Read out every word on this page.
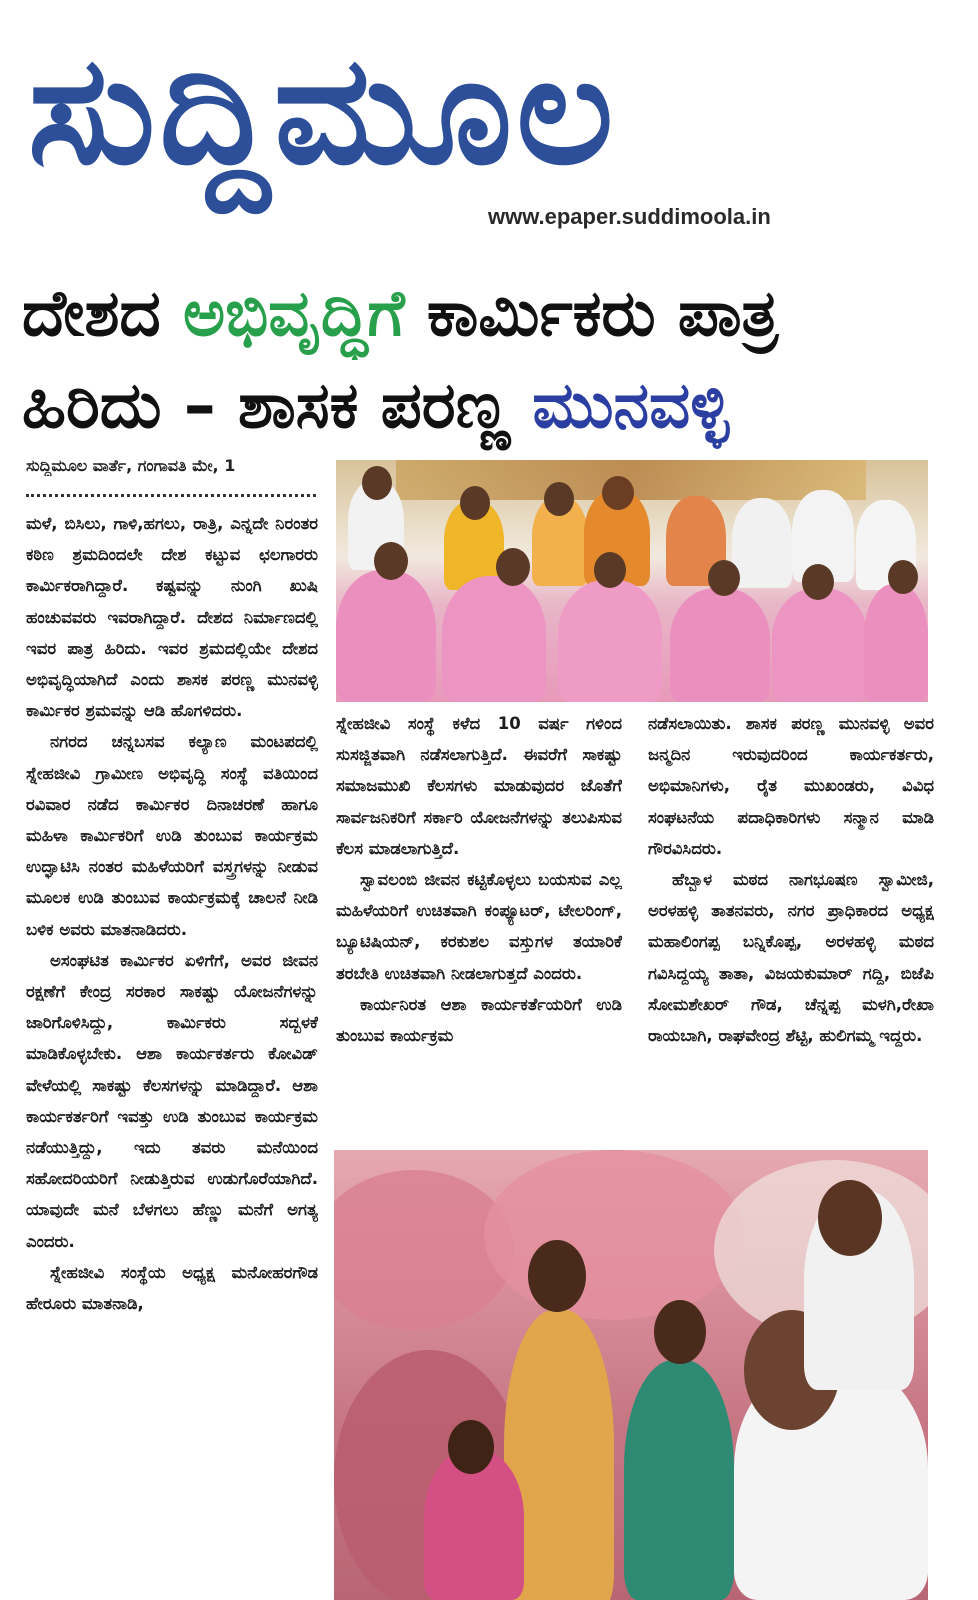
ಸುದ್ದಿಮೂಲ
www.epaper.suddimoola.in
ದೇಶದ ಅಭಿವೃದ್ಧಿಗೆ ಕಾರ್ಮಿಕರು ಪಾತ್ರ
ಹಿರಿದು – ಶಾಸಕ ಪರಣ್ಣ ಮುನವಳ್ಳಿ
ಸುದ್ದಿಮೂಲ ವಾರ್ತೆ, ಗಂಗಾವತಿ ಮೇ, 1

ಮಳೆ, ಬಿಸಿಲು, ಗಾಳಿ,ಹಗಲು, ರಾತ್ರಿ, ಎನ್ನದೇ ನಿರಂತರ ಕಠಿಣ ಶ್ರಮದಿಂದಲೇ ದೇಶ ಕಟ್ಟುವ ಛಲಗಾರರು ಕಾರ್ಮಿಕರಾಗಿದ್ದಾರೆ. ಕಷ್ಟವನ್ನು ನುಂಗಿ ಖುಷಿ ಹಂಚುವವರು ಇವರಾಗಿದ್ದಾರೆ. ದೇಶದ ನಿರ್ಮಾಣದಲ್ಲಿ ಇವರ ಪಾತ್ರ ಹಿರಿದು. ಇವರ ಶ್ರಮದಲ್ಲಿಯೇ ದೇಶದ ಅಭಿವೃದ್ಧಿಯಾಗಿದೆ ಎಂದು ಶಾಸಕ ಪರಣ್ಣ ಮುನವಳ್ಳಿ ಕಾರ್ಮಿಕರ ಶ್ರಮವನ್ನು ಆಡಿ ಹೊಗಳಿದರು.

ನಗರದ ಚನ್ನಬಸವ ಕಲ್ಯಾಣ ಮಂಟಪದಲ್ಲಿ ಸ್ನೇಹಜೀವಿ ಗ್ರಾಮೀಣ ಅಭಿವೃದ್ಧಿ ಸಂಸ್ಥೆ ವತಿಯಿಂದ ರವಿವಾರ ನಡೆದ ಕಾರ್ಮಿಕರ ದಿನಾಚರಣೆ ಹಾಗೂ ಮಹಿಳಾ ಕಾರ್ಮಿಕರಿಗೆ ಉಡಿ ತುಂಬುವ ಕಾರ್ಯಕ್ರಮ ಉದ್ಘಾಟಿಸಿ ನಂತರ ಮಹಿಳೆಯರಿಗೆ ವಸ್ತ್ರಗಳನ್ನು ನೀಡುವ ಮೂಲಕ ಉಡಿ ತುಂಬುವ ಕಾರ್ಯಕ್ರಮಕ್ಕೆ ಚಾಲನೆ ನೀಡಿ ಬಳಿಕ ಅವರು ಮಾತನಾಡಿದರು.

ಅಸಂಘಟಿತ ಕಾರ್ಮಿಕರ ಏಳಿಗೆಗೆ, ಅವರ ಜೀವನ ರಕ್ಷಣೆಗೆ ಕೇಂದ್ರ ಸರಕಾರ ಸಾಕಷ್ಟು ಯೋಜನೆಗಳನ್ನು ಜಾರಿಗೊಳಿಸಿದ್ದು, ಕಾರ್ಮಿಕರು ಸದ್ಬಳಕೆ ಮಾಡಿಕೊಳ್ಳಬೇಕು. ಆಶಾ ಕಾರ್ಯಕರ್ತರು ಕೋವಿಡ್ ವೇಳೆಯಲ್ಲಿ ಸಾಕಷ್ಟು ಕೆಲಸಗಳನ್ನು ಮಾಡಿದ್ದಾರೆ. ಆಶಾ ಕಾರ್ಯಕರ್ತರಿಗೆ ಇವತ್ತು ಉಡಿ ತುಂಬುವ ಕಾರ್ಯಕ್ರಮ ನಡೆಯುತ್ತಿದ್ದು, ಇದು ತವರು ಮನೆಯಿಂದ ಸಹೋದರಿಯರಿಗೆ ನೀಡುತ್ತಿರುವ ಉಡುಗೊರೆಯಾಗಿದೆ. ಯಾವುದೇ ಮನೆ ಬೆಳಗಲು ಹೆಣ್ಣು ಮನೆಗೆ ಅಗತ್ಯ ಎಂದರು.

ಸ್ನೇಹಜೀವಿ ಸಂಸ್ಥೆಯ ಅಧ್ಯಕ್ಷ ಮನೋಹರಗೌಡ ಹೇರೂರು ಮಾತನಾಡಿ,

ಸ್ನೇಹಜೀವಿ ಸಂಸ್ಥೆ ಕಳೆದ 10 ವರ್ಷ ಗಳಿಂದ ಸುಸಜ್ಜಿತವಾಗಿ ನಡೆಸಲಾಗುತ್ತಿದೆ. ಈವರೆಗೆ ಸಾಕಷ್ಟು ಸಮಾಜಮುಖಿ ಕೆಲಸಗಳು ಮಾಡುವುದರ ಜೊತೆಗೆ ಸಾರ್ವಜನಿಕರಿಗೆ ಸರ್ಕಾರಿ ಯೋಜನೆಗಳನ್ನು ತಲುಪಿಸುವ ಕೆಲಸ ಮಾಡಲಾಗುತ್ತಿದೆ.

ಸ್ವಾವಲಂಬಿ ಜೀವನ ಕಟ್ಟಿಕೊಳ್ಳಲು ಬಯಸುವ ಎಲ್ಲ ಮಹಿಳೆಯರಿಗೆ ಉಚಿತವಾಗಿ ಕಂಪ್ಯೂಟರ್, ಟೇಲರಿಂಗ್, ಬ್ಯೂಟಿಷಿಯನ್, ಕರಕುಶಲ ವಸ್ತುಗಳ ತಯಾರಿಕೆ ತರಬೇತಿ ಉಚಿತವಾಗಿ ನೀಡಲಾಗುತ್ತದೆ ಎಂದರು.

ಕಾರ್ಯನಿರತ ಆಶಾ ಕಾರ್ಯಕರ್ತೆಯರಿಗೆ ಉಡಿ ತುಂಬುವ ಕಾರ್ಯಕ್ರಮ

ನಡೆಸಲಾಯಿತು. ಶಾಸಕ ಪರಣ್ಣ ಮುನವಳ್ಳಿ ಅವರ ಜನ್ಮದಿನ ಇರುವುದರಿಂದ ಕಾರ್ಯಕರ್ತರು, ಅಭಿಮಾನಿಗಳು, ರೈತ ಮುಖಂಡರು, ವಿವಿಧ ಸಂಘಟನೆಯ ಪದಾಧಿಕಾರಿಗಳು ಸನ್ಮಾನ ಮಾಡಿ ಗೌರವಿಸಿದರು.

ಹೆಬ್ಬಾಳ ಮಠದ ನಾಗಭೂಷಣ ಸ್ವಾಮೀಜಿ, ಅರಳಹಳ್ಳಿ ತಾತನವರು, ನಗರ ಪ್ರಾಧಿಕಾರದ ಅಧ್ಯಕ್ಷ ಮಹಾಲಿಂಗಪ್ಪ ಬನ್ನಿಕೊಪ್ಪ, ಅರಳಹಳ್ಳಿ ಮಠದ ಗವಿಸಿದ್ದಯ್ಯ ತಾತಾ, ವಿಜಯಕುಮಾರ್ ಗದ್ದಿ, ಬಿಜೆಪಿ ಸೋಮಶೇಖರ್ ಗೌಡ, ಚೆನ್ನಪ್ಪ ಮಳಗಿ,ರೇಖಾ ರಾಯಬಾಗಿ, ರಾಘವೇಂದ್ರ ಶೆಟ್ಟಿ, ಹುಲಿಗಮ್ಮ ಇದ್ದರು.
